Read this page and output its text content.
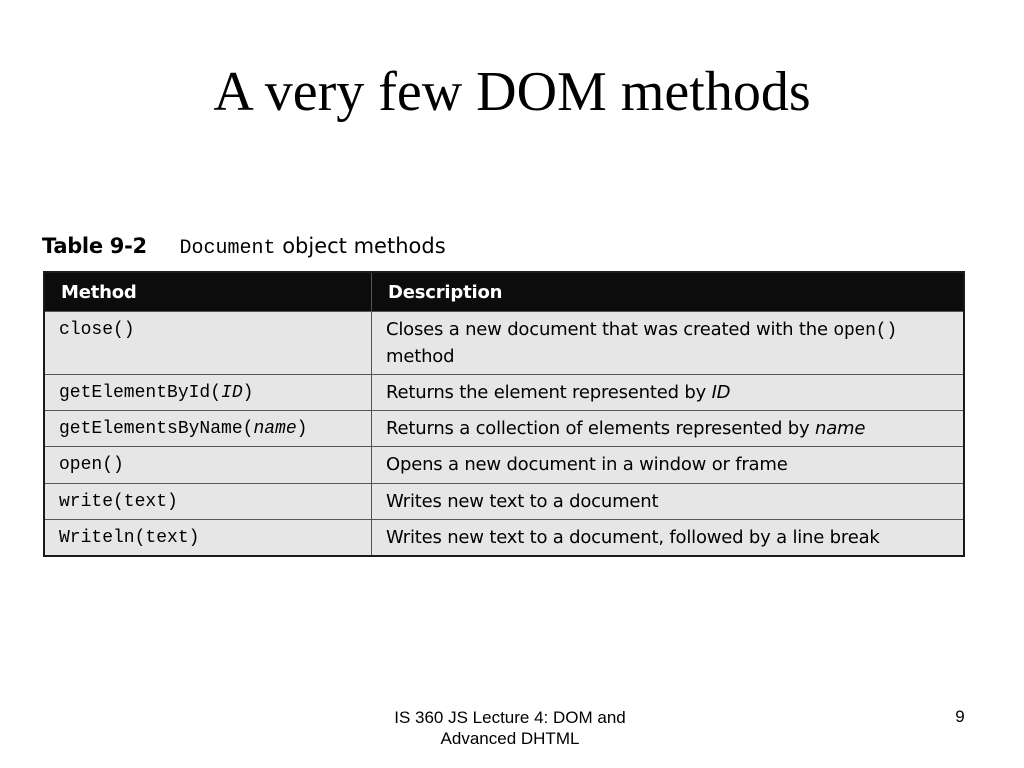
A very few DOM methods
Table 9-2 Document object methods
Method	Description
close()	Closes a new document that was created with the open() method
getElementById(ID)	Returns the element represented by ID
getElementsByName(name)	Returns a collection of elements represented by name
open()	Opens a new document in a window or frame
write(text)	Writes new text to a document
Writeln(text)	Writes new text to a document, followed by a line break
IS 360 JS Lecture 4: DOM and Advanced DHTML
9
